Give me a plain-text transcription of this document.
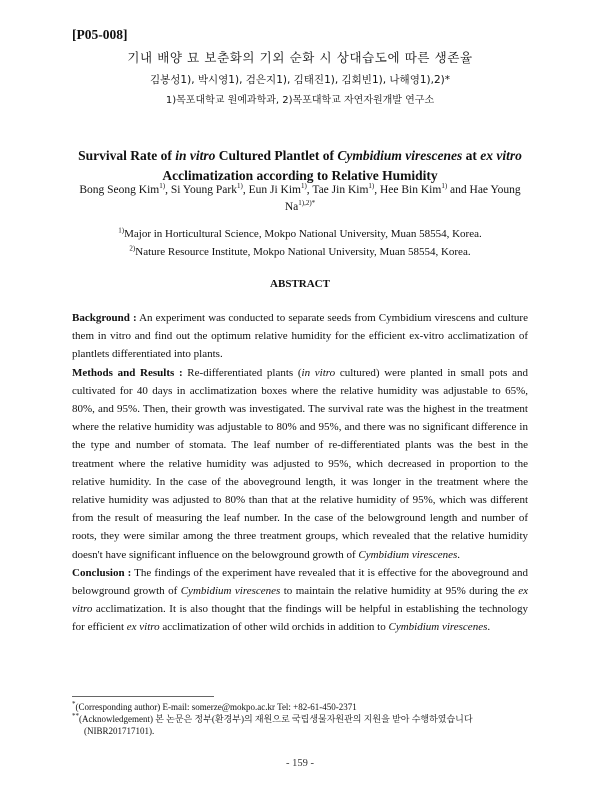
[P05-008]
기내 배양 묘 보춘화의 기외 순화 시 상대습도에 따른 생존율
김봉성1), 박시영1), 검은지1), 김태진1), 김회빈1), 나해영1),2)*
1)목포대학교 원예과학과, 2)목포대학교 자연자원개발 연구소
Survival Rate of in vitro Cultured Plantlet of Cymbidium virescenes at ex vitro
Acclimatization according to Relative Humidity
Bong Seong Kim$^{1)}$, Si Young Park$^{1)}$, Eun Ji Kim$^{1)}$, Tae Jin Kim$^{1)}$, Hee Bin Kim$^{1)}$ and Hae Young $Na^{1),2)*}$
$^{1)}$Major in Horticultural Science, Mokpo National University, Muan 58554, Korea.
$^{2)}$Nature Resource Institute, Mokpo National University, Muan 58554, Korea.
ABSTRACT

Background : An experiment was conducted to separate seeds from Cymbidium virescens and culture them in vitro and find out the optimum relative humidity for the efficient ex-vitro acclimatization of plantlets differentiated into plants.

Methods and Results : Re-differentiated plants (in vitro cultured) were planted in small pots and cultivated for 40 days in acclimatization boxes where the relative humidity was adjustable to 65%, 80%, and 95%. Then, their growth was investigated. The survival rate was the highest in the treatment where the relative humidity was adjustable to 80% and 95%, and there was no significant difference in the type and number of stomata. The leaf number of re-differentiated plants was the best in the treatment where the relative humidity was adjusted to 95%, which decreased in proportion to the relative humidity. In the case of the aboveground length, it was longer in the treatment where the relative humidity was adjusted to 80% than that at the relative humidity of 95%, which was different from the result of measuring the leaf number. In the case of the belowground length and number of roots, they were similar among the three treatment groups, which revealed that the relative humidity doesn't have significant influence on the belowground growth of Cymbidium virescenes.

Conclusion : The findings of the experiment have revealed that it is effective for the aboveground and belowground growth of Cymbidium virescenes to maintain the relative humidity at 95% during the ex vitro acclimatization. It is also thought that the findings will be helpful in establishing the technology for efficient ex vitro acclimatization of other wild orchids in addition to Cymbidium virescenes.

*(Corresponding author) E-mail: somerze@mokpo.ac.kr Tel: +82-61-450-2371
**(Acknowledgement) 본 논문은 정부(환경부)의 재원으로 국립생물자원관의 지원을 받아 수행하였습니다
(NIBR201717101).
- 159 -
